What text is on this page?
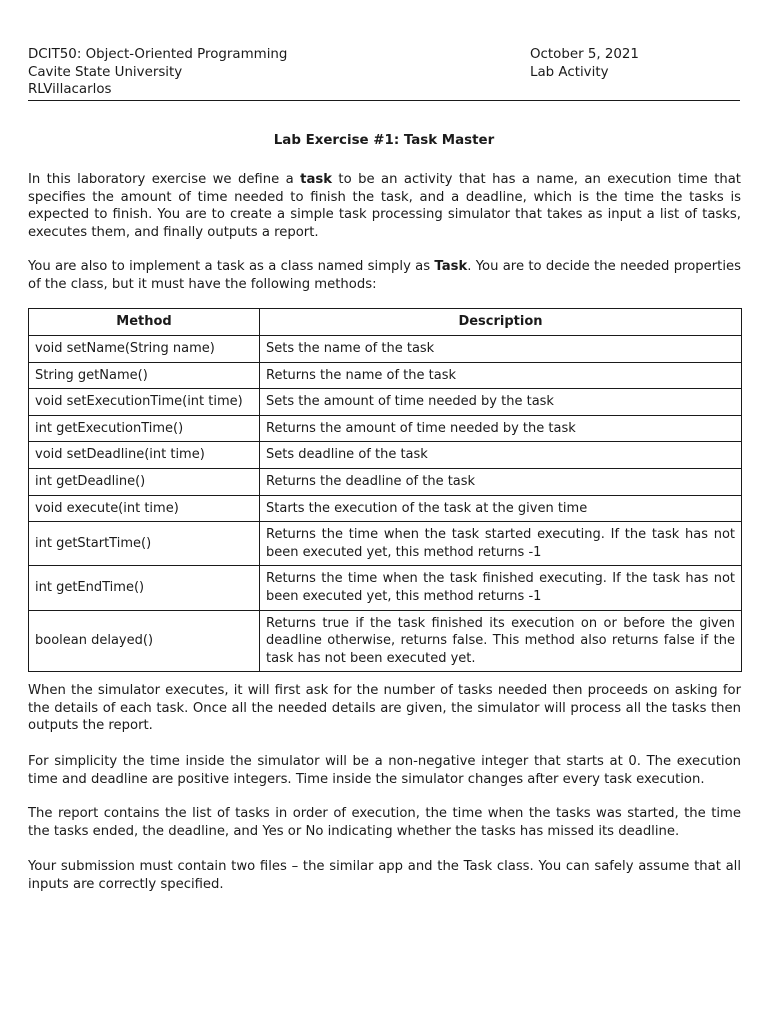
DCIT50: Object-Oriented Programming
Cavite State University
RLVillacarlos
October 5, 2021
Lab Activity
Lab Exercise #1: Task Master
In this laboratory exercise we define a task to be an activity that has a name, an execution time that specifies the amount of time needed to finish the task, and a deadline, which is the time the tasks is expected to finish. You are to create a simple task processing simulator that takes as input a list of tasks, executes them, and finally outputs a report.
You are also to implement a task as a class named simply as Task. You are to decide the needed properties of the class, but it must have the following methods:
Method	Description
void setName(String name)	Sets the name of the task
String getName()	Returns the name of the task
void setExecutionTime(int time)	Sets the amount of time needed by the task
int getExecutionTime()	Returns the amount of time needed by the task
void setDeadline(int time)	Sets deadline of the task
int getDeadline()	Returns the deadline of the task
void execute(int time)	Starts the execution of the task at the given time
int getStartTime()	Returns the time when the task started executing. If the task has not been executed yet, this method returns -1
int getEndTime()	Returns the time when the task finished executing. If the task has not been executed yet, this method returns -1
boolean delayed()	Returns true if the task finished its execution on or before the given deadline otherwise, returns false. This method also returns false if the task has not been executed yet.
When the simulator executes, it will first ask for the number of tasks needed then proceeds on asking for the details of each task. Once all the needed details are given, the simulator will process all the tasks then outputs the report.
For simplicity the time inside the simulator will be a non-negative integer that starts at 0. The execution time and deadline are positive integers. Time inside the simulator changes after every task execution.
The report contains the list of tasks in order of execution, the time when the tasks was started, the time the tasks ended, the deadline, and Yes or No indicating whether the tasks has missed its deadline.
Your submission must contain two files – the similar app and the Task class. You can safely assume that all inputs are correctly specified.
